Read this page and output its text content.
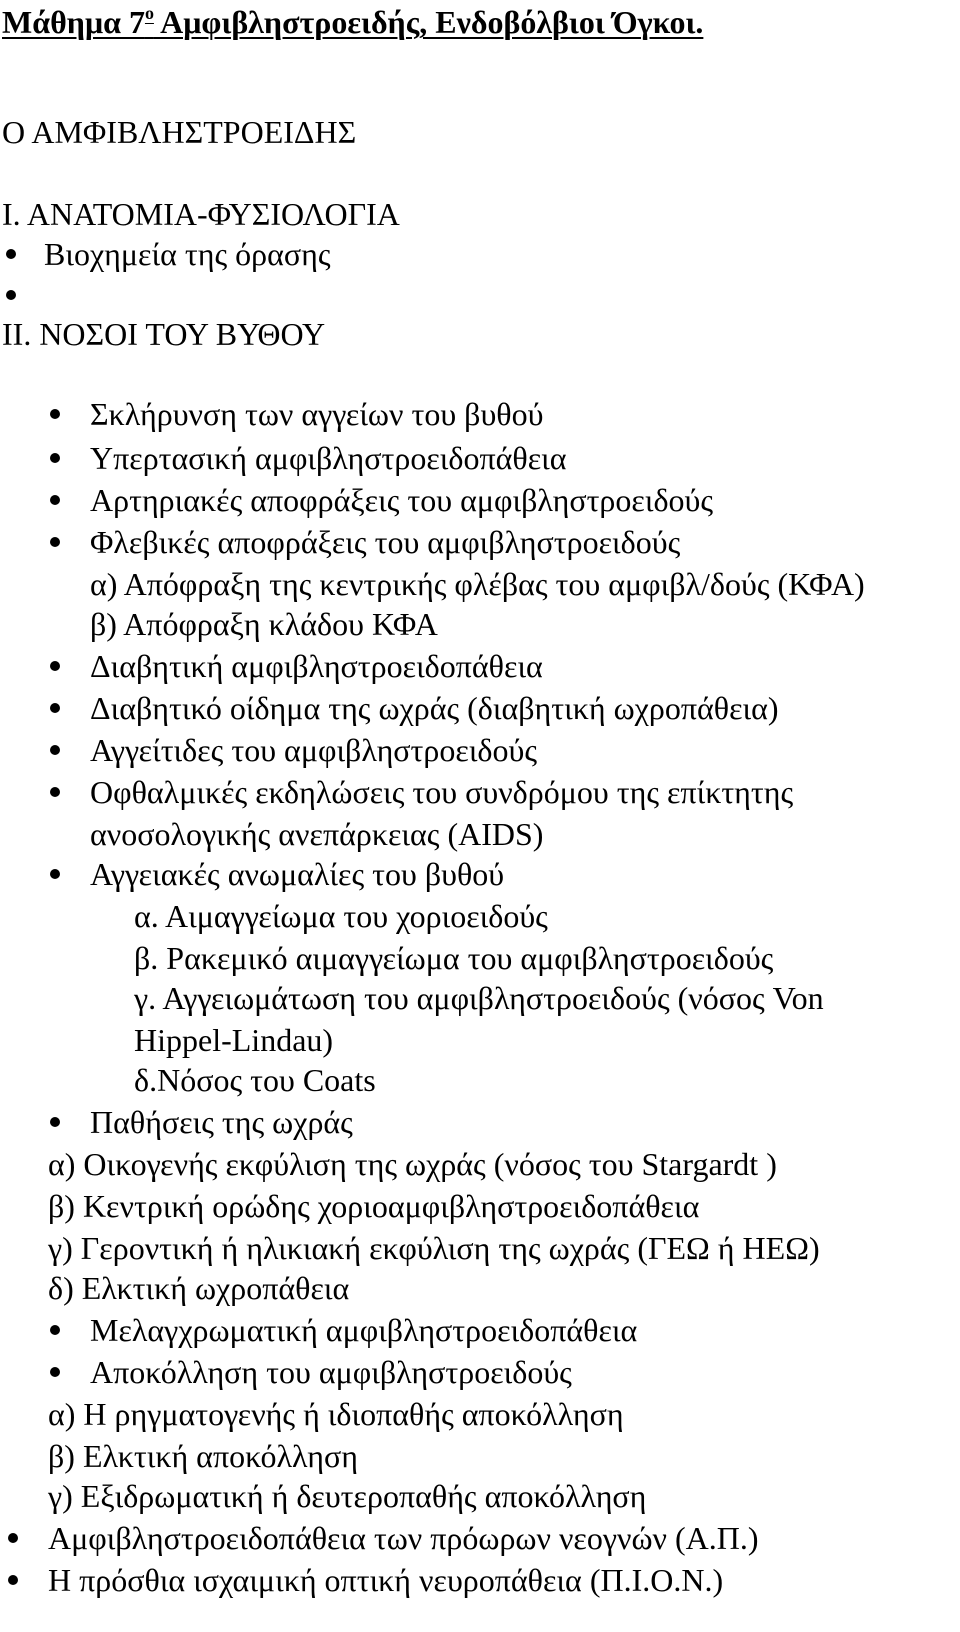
Μάθημα $7^o$ Αμφιβληστροειδής, Ενδοβόλβιοι Όγκοι.
Ο ΑΜΦΙΒΛΗΣΤΡΟΕΙΔΗΣ
Ι. ΑΝΑΤΟΜΙΑ-ΦΥΣΙΟΛΟΓΙΑ
Βιοχημεία της όρασης
ΙΙ. ΝΟΣΟΙ ΤΟΥ ΒΥΘΟΥ
Σκλήρυνση των αγγείων του βυθού
Υπερτασική αμφιβληστροειδοπάθεια
Αρτηριακές αποφράξεις του αμφιβληστροειδούς
Φλεβικές αποφράξεις του αμφιβληστροειδούς
α) Απόφραξη της κεντρικής φλέβας του αμφιβλ/δούς (ΚΦΑ)
β) Απόφραξη κλάδου ΚΦΑ
Διαβητική αμφιβληστροειδοπάθεια
Διαβητικό οίδημα της ωχράς (διαβητική ωχροπάθεια)
Αγγείτιδες του αμφιβληστροειδούς
Οφθαλμικές εκδηλώσεις του συνδρόμου της επίκτητης
ανοσολογικής ανεπάρκειας (AIDS)
Αγγειακές ανωμαλίες του βυθού
α. Αιμαγγείωμα του χοριοειδούς
β. Ρακεμικό αιμαγγείωμα του αμφιβληστροειδούς
γ. Αγγειωμάτωση του αμφιβληστροειδούς (νόσος Von
Hippel-Lindau)
δ.Νόσος του Coats
Παθήσεις της ωχράς
α) Οικογενής εκφύλιση της ωχράς (νόσος του Stargardt )
β) Κεντρική ορώδης χοριοαμφιβληστροειδοπάθεια
γ) Γεροντική ή ηλικιακή εκφύλιση της ωχράς (ΓΕΩ ή ΗΕΩ)
δ) Ελκτική ωχροπάθεια
Μελαγχρωματική αμφιβληστροειδοπάθεια
Αποκόλληση του αμφιβληστροειδούς
α) Η ρηγματογενής ή ιδιοπαθής αποκόλληση
β) Ελκτική αποκόλληση
γ) Εξιδρωματική ή δευτεροπαθής αποκόλληση
Αμφιβληστροειδοπάθεια των πρόωρων νεογνών (Α.Π.)
Η πρόσθια ισχαιμική οπτική νευροπάθεια (Π.Ι.Ο.Ν.)
